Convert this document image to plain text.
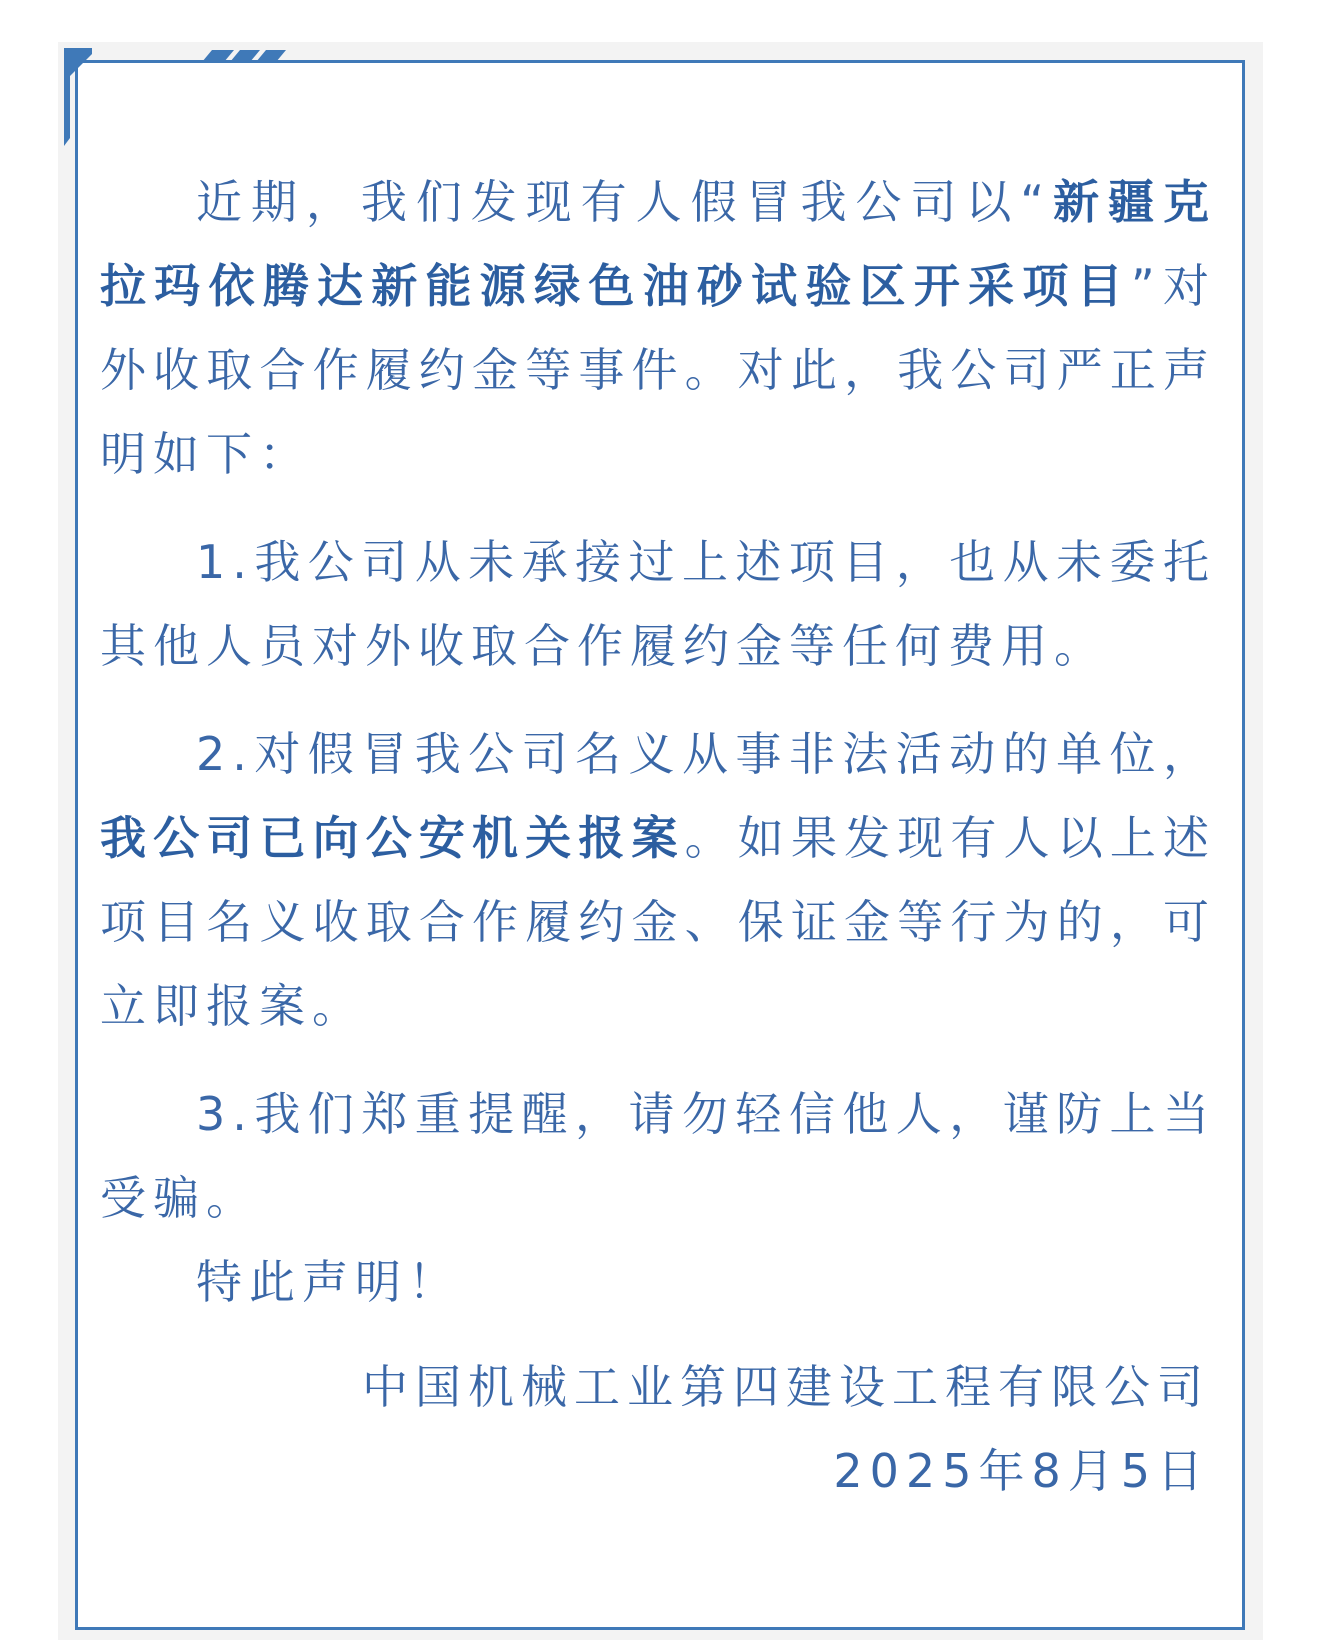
近期，我们发现有人假冒我公司以“新疆克拉玛依腾达新能源绿色油砂试验区开采项目”对外收取合作履约金等事件。对此，我公司严正声明如下：

1.我公司从未承接过上述项目，也从未委托其他人员对外收取合作履约金等任何费用。

2.对假冒我公司名义从事非法活动的单位，我公司已向公安机关报案。如果发现有人以上述项目名义收取合作履约金、保证金等行为的，可立即报案。

3.我们郑重提醒，请勿轻信他人，谨防上当受骗。

特此声明！

中国机械工业第四建设工程有限公司
2025年8月5日
